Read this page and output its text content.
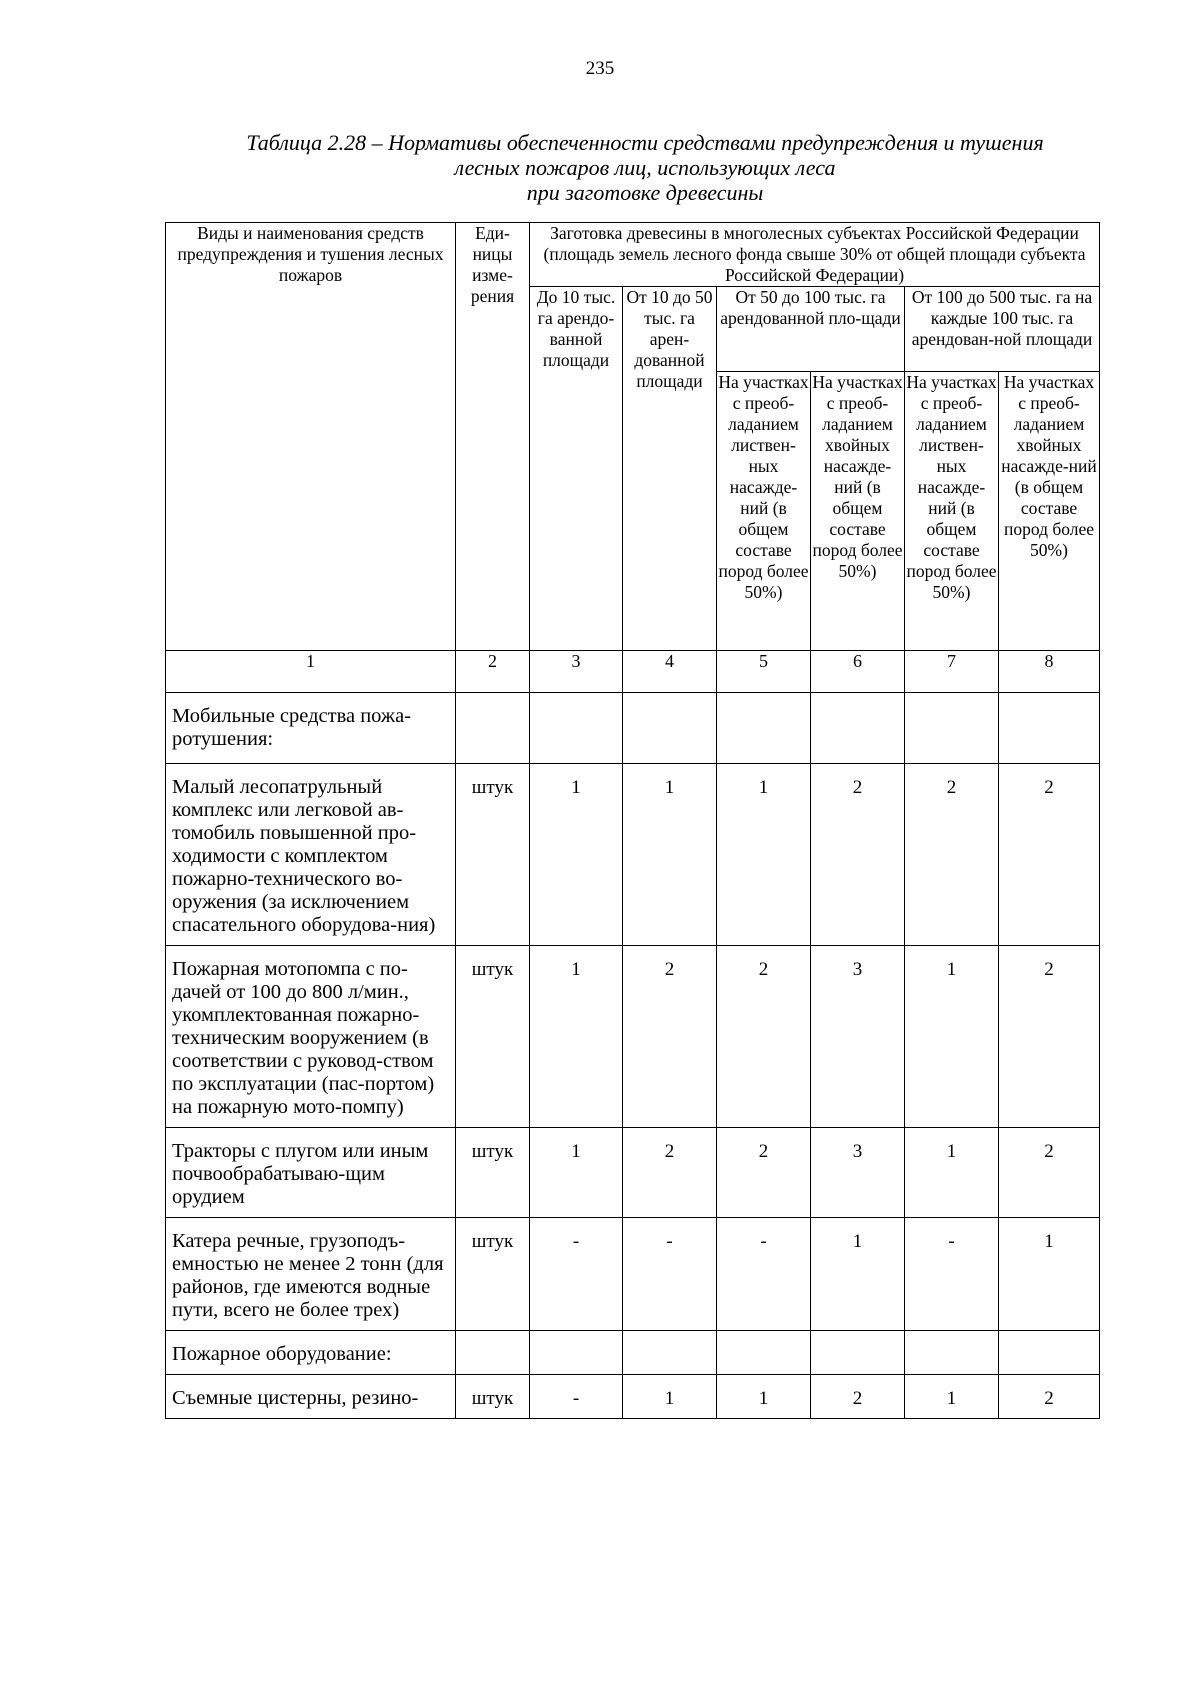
235
Таблица 2.28 – Нормативы обеспеченности средствами предупреждения и тушения
лесных пожаров лиц, использующих леса
при заготовке древесины
Виды и наименования средств предупреждения и тушения лесных пожаров	Еди-ницы изме-рения	Заготовка древесины в многолесных субъектах Российской Федерации (площадь земель лесного фонда свыше 30% от общей площади субъекта Российской Федерации)					
		До 10 тыс. га арендо-ванной площади	От 10 до 50 тыс. га арен-дованной площади	От 50 до 100 тыс. га арендованной пло-щади		От 100 до 500 тыс. га на каждые 100 тыс. га арендован-ной площади	
				На участках с преоб-ладанием листвен-ных насажде-ний (в общем составе пород более 50%)	На участках с преоб-ладанием хвойных насажде-ний (в общем составе пород более 50%)	На участках с преоб-ладанием листвен-ных насажде-ний (в общем составе пород более 50%)	На участках с преоб-ладанием хвойных насажде-ний (в общем составе пород более 50%)
1	2	3	4	5	6	7	8
Мобильные средства пожа-ротушения:							
Малый лесопатрульный комплекс или легковой ав-томобиль повышенной про-ходимости с комплектом пожарно-технического во-оружения (за исключением спасательного оборудова-ния)	штук	1	1	1	2	2	2
Пожарная мотопомпа с по-дачей от 100 до 800 л/мин., укомплектованная пожарно-техническим вооружением (в соответствии с руковод-ством по эксплуатации (пас-портом) на пожарную мото-помпу)	штук	1	2	2	3	1	2
Тракторы с плугом или иным почвообрабатываю-щим орудием	штук	1	2	2	3	1	2
Катера речные, грузоподъ-емностью не менее 2 тонн (для районов, где имеются водные пути, всего не более трех)	штук	-	-	-	1	-	1
Пожарное оборудование:							
Съемные цистерны, резино-	штук	-	1	1	2	1	2
